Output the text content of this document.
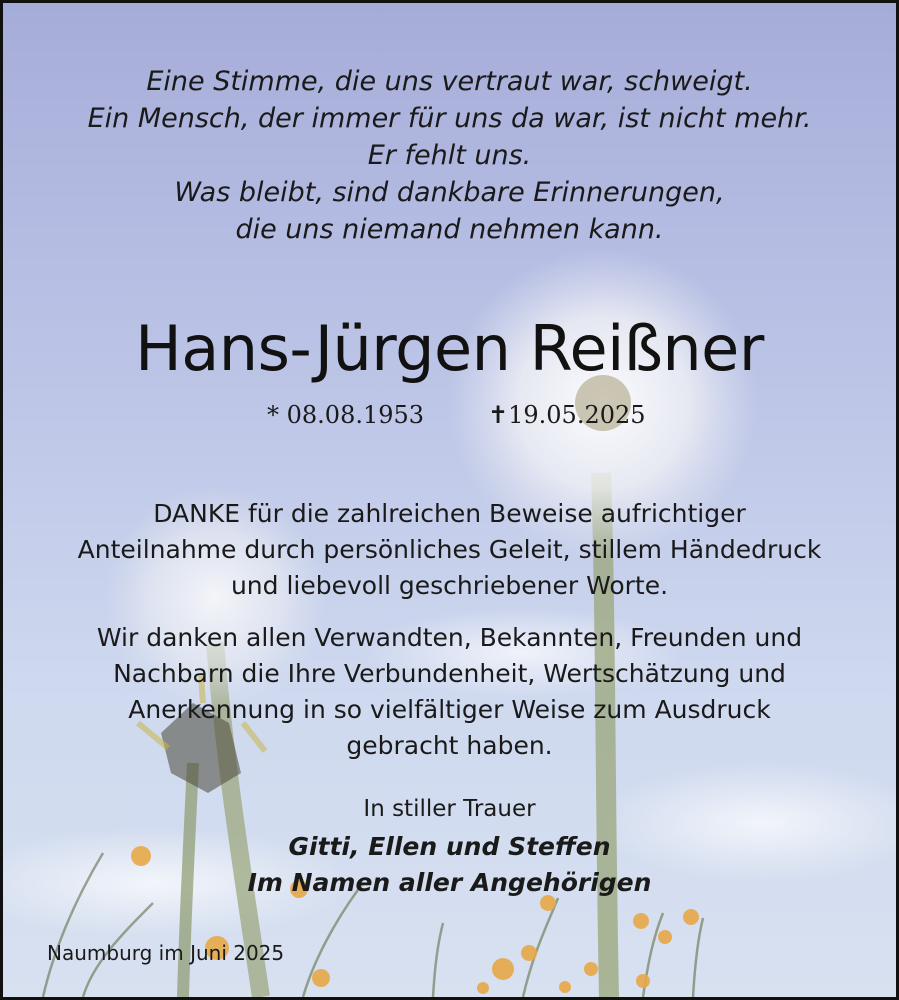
Eine Stimme, die uns vertraut war, schweigt.
Ein Mensch, der immer für uns da war, ist nicht mehr.
Er fehlt uns.
Was bleibt, sind dankbare Erinnerungen,
die uns niemand nehmen kann.
Hans-Jürgen Reißner
* 08.08.1953	✝19.05.2025
DANKE für die zahlreichen Beweise aufrichtiger
Anteilnahme durch persönliches Geleit, stillem Händedruck
und liebevoll geschriebener Worte.
Wir danken allen Verwandten, Bekannten, Freunden und
Nachbarn die Ihre Verbundenheit, Wertschätzung und
Anerkennung in so vielfältiger Weise zum Ausdruck
gebracht haben.
In stiller Trauer
Gitti, Ellen und Steffen
Im Namen aller Angehörigen
Naumburg im Juni 2025
